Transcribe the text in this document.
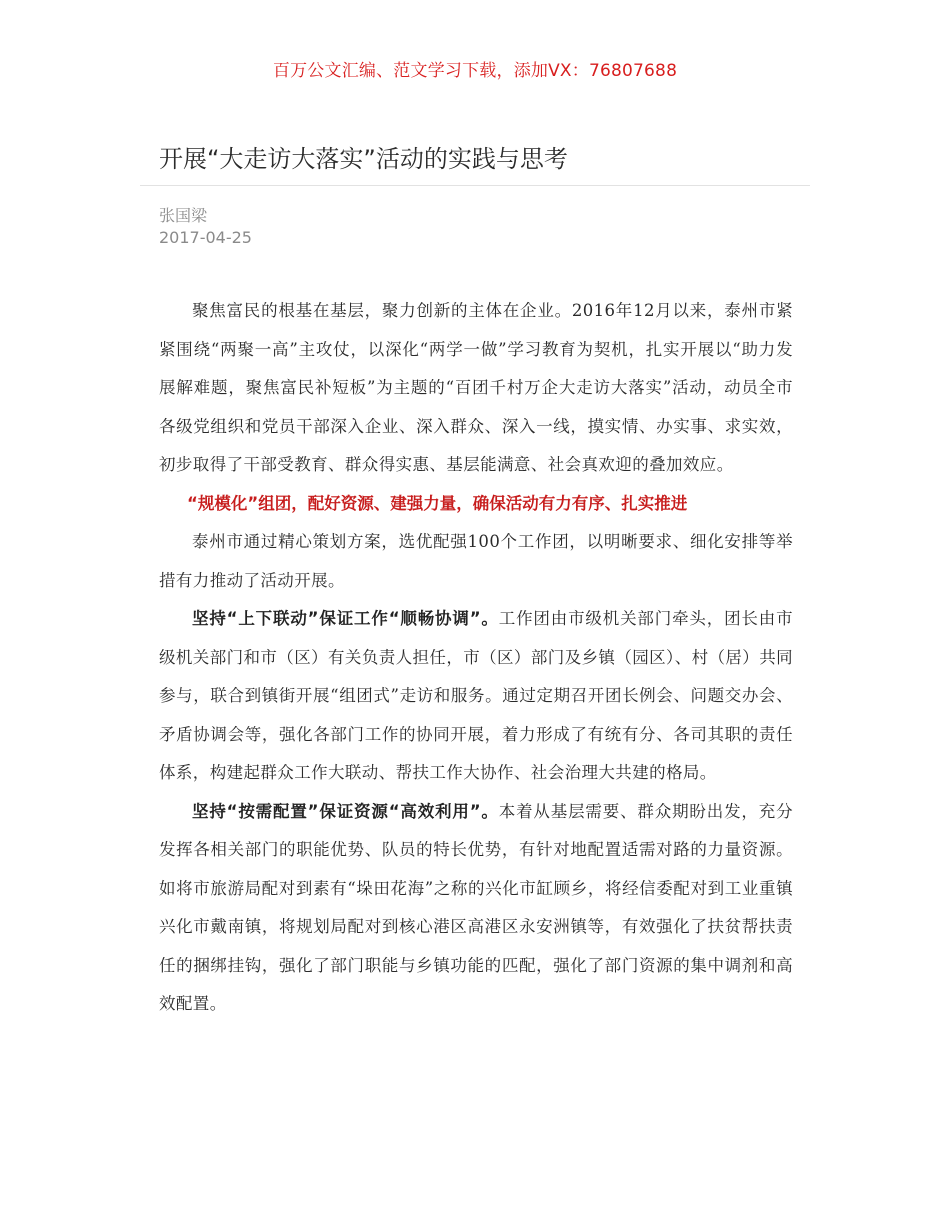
百万公文汇编、范文学习下载，添加VX：76807688
开展“大走访大落实”活动的实践与思考
张国梁
2017-04-25

聚焦富民的根基在基层，聚力创新的主体在企业。2016年12月以来，泰州市紧紧围绕“两聚一高”主攻仗，以深化“两学一做”学习教育为契机，扎实开展以“助力发展解难题，聚焦富民补短板”为主题的“百团千村万企大走访大落实”活动，动员全市各级党组织和党员干部深入企业、深入群众、深入一线，摸实情、办实事、求实效，初步取得了干部受教育、群众得实惠、基层能满意、社会真欢迎的叠加效应。

“规模化”组团，配好资源、建强力量，确保活动有力有序、扎实推进

泰州市通过精心策划方案，选优配强100个工作团，以明晰要求、细化安排等举措有力推动了活动开展。

坚持“上下联动”保证工作“顺畅协调”。工作团由市级机关部门牵头，团长由市级机关部门和市（区）有关负责人担任，市（区）部门及乡镇（园区）、村（居）共同参与，联合到镇街开展“组团式”走访和服务。通过定期召开团长例会、问题交办会、矛盾协调会等，强化各部门工作的协同开展，着力形成了有统有分、各司其职的责任体系，构建起群众工作大联动、帮扶工作大协作、社会治理大共建的格局。

坚持“按需配置”保证资源“高效利用”。本着从基层需要、群众期盼出发，充分发挥各相关部门的职能优势、队员的特长优势，有针对地配置适需对路的力量资源。如将市旅游局配对到素有“垛田花海”之称的兴化市缸顾乡，将经信委配对到工业重镇兴化市戴南镇，将规划局配对到核心港区高港区永安洲镇等，有效强化了扶贫帮扶责任的捆绑挂钩，强化了部门职能与乡镇功能的匹配，强化了部门资源的集中调剂和高效配置。
